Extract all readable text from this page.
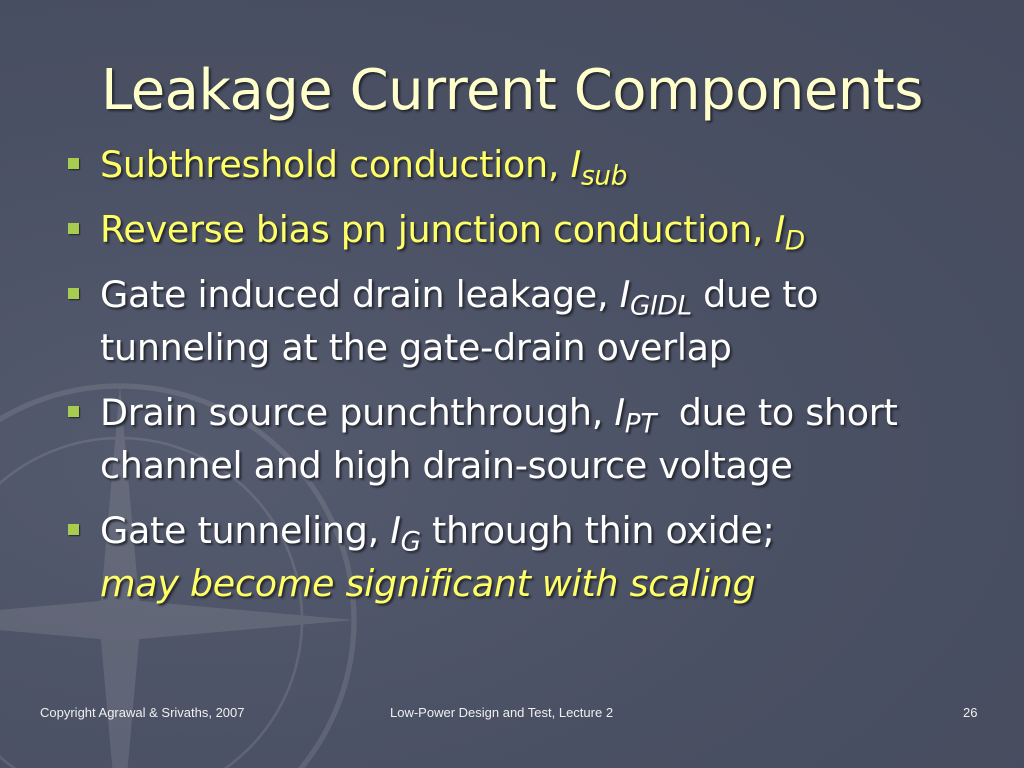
Leakage Current Components
Subthreshold conduction, $I_{sub}$
Reverse bias pn junction conduction, $I_D$
Gate induced drain leakage, $I_{GIDL}$ due to tunneling at the gate-drain overlap
Drain source punchthrough, $I_{PT}$  due to short channel and high drain-source voltage
Gate tunneling, $I_G$ through thin oxide;
may become significant with scaling
Copyright Agrawal & Srivaths, 2007	Low-Power Design and Test, Lecture 2	26
